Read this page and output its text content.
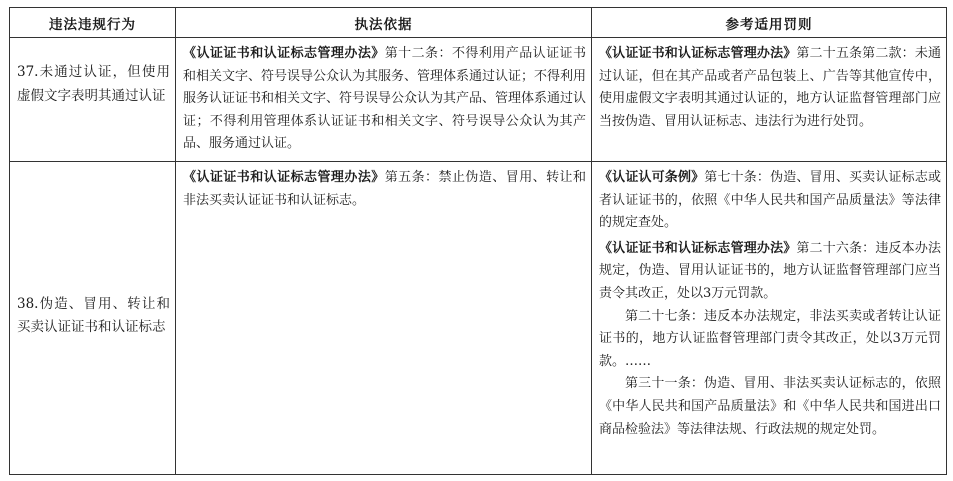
违法违规行为	执法依据	参考适用罚则

37.未通过认证，但使用虚假文字表明其通过认证	《认证证书和认证标志管理办法》第十二条：不得利用产品认证证书和相关文字、符号误导公众认为其服务、管理体系通过认证；不得利用服务认证证书和相关文字、符号误导公众认为其产品、管理体系通过认证；不得利用管理体系认证证书和相关文字、符号误导公众认为其产品、服务通过认证。	《认证证书和认证标志管理办法》第二十五条第二款：未通过认证，但在其产品或者产品包装上、广告等其他宣传中，使用虚假文字表明其通过认证的，地方认证监督管理部门应当按伪造、冒用认证标志、违法行为进行处罚。

38.伪造、冒用、转让和买卖认证证书和认证标志	《认证证书和认证标志管理办法》第五条：禁止伪造、冒用、转让和非法买卖认证证书和认证标志。	《认证认可条例》第七十条：伪造、冒用、买卖认证标志或者认证证书的，依照《中华人民共和国产品质量法》等法律的规定查处。

《认证证书和认证标志管理办法》第二十六条：违反本办法规定，伪造、冒用认证证书的，地方认证监督管理部门应当责令其改正，处以3万元罚款。

第二十七条：违反本办法规定，非法买卖或者转让认证证书的，地方认证监督管理部门责令其改正，处以3万元罚款。……

第三十一条：伪造、冒用、非法买卖认证标志的，依照《中华人民共和国产品质量法》和《中华人民共和国进出口商品检验法》等法律法规、行政法规的规定处罚。
